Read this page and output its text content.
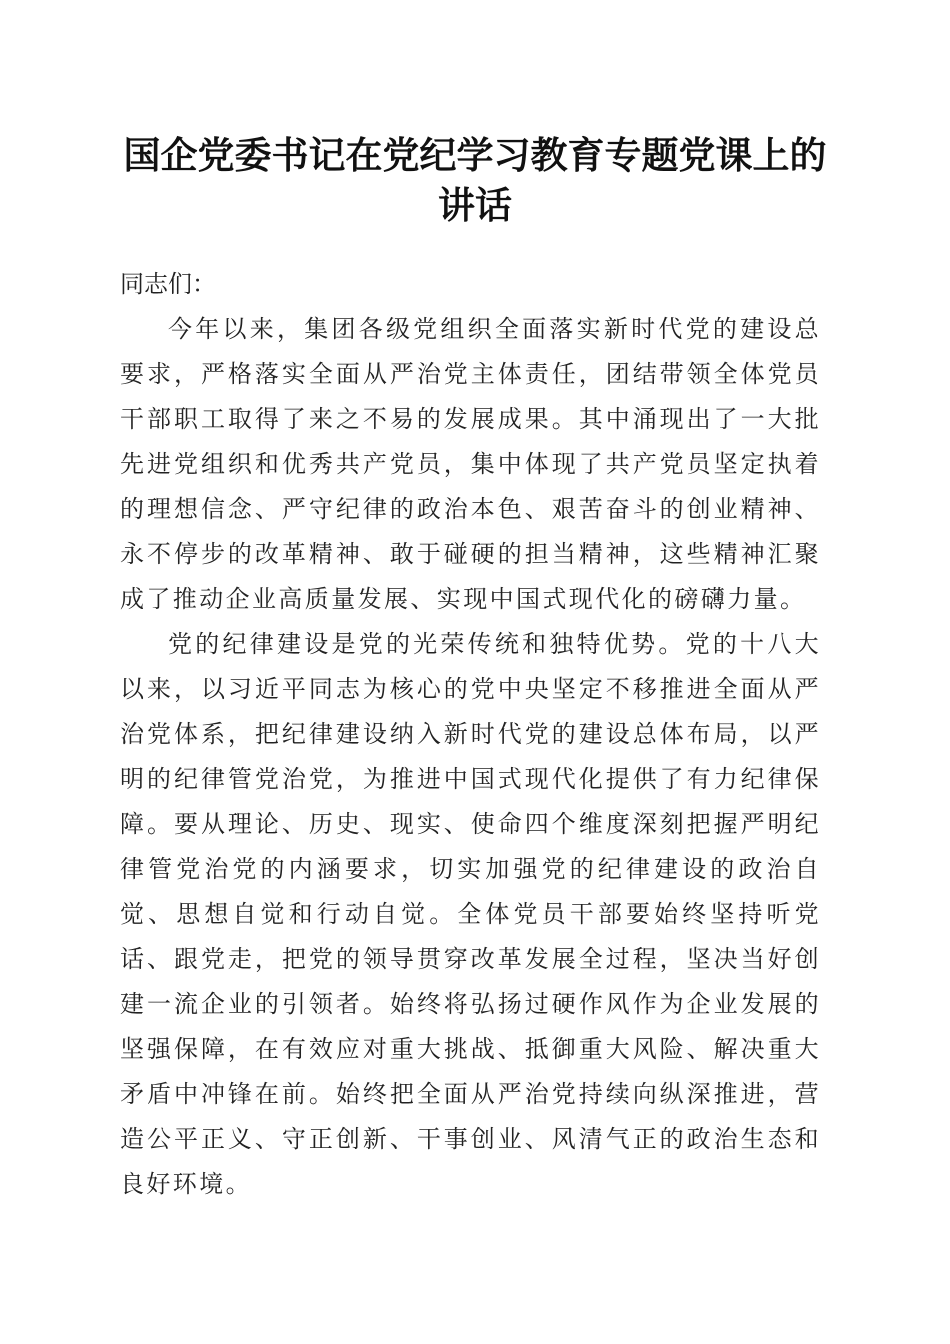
国企党委书记在党纪学习教育专题党课上的讲话

同志们：

今年以来，集团各级党组织全面落实新时代党的建设总要求，严格落实全面从严治党主体责任，团结带领全体党员干部职工取得了来之不易的发展成果。其中涌现出了一大批先进党组织和优秀共产党员，集中体现了共产党员坚定执着的理想信念、严守纪律的政治本色、艰苦奋斗的创业精神、永不停步的改革精神、敢于碰硬的担当精神，这些精神汇聚成了推动企业高质量发展、实现中国式现代化的磅礴力量。

党的纪律建设是党的光荣传统和独特优势。党的十八大以来，以习近平同志为核心的党中央坚定不移推进全面从严治党体系，把纪律建设纳入新时代党的建设总体布局，以严明的纪律管党治党，为推进中国式现代化提供了有力纪律保障。要从理论、历史、现实、使命四个维度深刻把握严明纪律管党治党的内涵要求，切实加强党的纪律建设的政治自觉、思想自觉和行动自觉。全体党员干部要始终坚持听党话、跟党走，把党的领导贯穿改革发展全过程，坚决当好创建一流企业的引领者。始终将弘扬过硬作风作为企业发展的坚强保障，在有效应对重大挑战、抵御重大风险、解决重大矛盾中冲锋在前。始终把全面从严治党持续向纵深推进，营造公平正义、守正创新、干事创业、风清气正的政治生态和良好环境。
